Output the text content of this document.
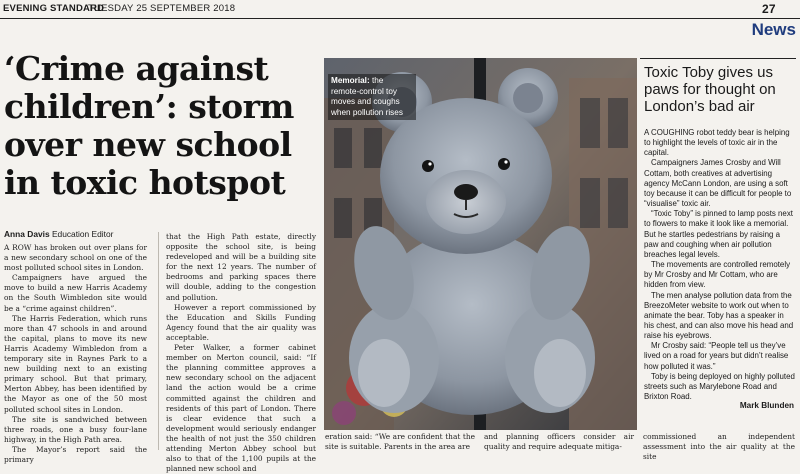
EVENING STANDARD
TUESDAY 25 SEPTEMBER 2018	27
News
‘Crime against children’: storm over new school in toxic hotspot
Anna Davis Education Editor

A ROW has broken out over plans for a new secondary school on one of the most polluted school sites in London.

Campaigners have argued the move to build a new Harris Academy on the South Wimbledon site would be a “crime against children”.

The Harris Federation, which runs more than 47 schools in and around the capital, plans to move its new Harris Academy Wimbledon from a temporary site in Raynes Park to a new building next to an existing primary school. But that primary, Merton Abbey, has been identified by the Mayor as one of the 50 most polluted school sites in London.

The site is sandwiched between three roads, one a busy four-lane highway, in the High Path area.

The Mayor’s report said the primary

that the High Path estate, directly opposite the school site, is being redeveloped and will be a building site for the next 12 years. The number of bedrooms and parking spaces there will double, adding to the congestion and pollution.

However a report commissioned by the Education and Skills Funding Agency found that the air quality was acceptable.

Peter Walker, a former cabinet member on Merton council, said: “If the planning committee approves a new secondary school on the adjacent land the action would be a crime committed against the children and residents of this part of London. There is clear evidence that such a development would seriously endanger the health of not just the 350 children attending Merton Abbey school but also to that of the 1,100 pupils at the planned new school and

eration said: “We are confident that the site is suitable. Parents in the area are
and planning officers consider air quality and require adequate mitiga-
commissioned an independent assessment into the air quality at the site
Memorial: the remote-control toy moves and coughs when pollution rises
Toxic Toby gives us paws for thought on London’s bad air

A COUGHING robot teddy bear is helping to highlight the levels of toxic air in the capital.

Campaigners James Crosby and Will Cottam, both creatives at advertising agency McCann London, are using a soft toy because it can be difficult for people to “visualise” toxic air.

“Toxic Toby” is pinned to lamp posts next to flowers to make it look like a memorial. But he startles pedestrians by raising a paw and coughing when air pollution breaches legal levels.

The movements are controlled remotely by Mr Crosby and Mr Cottam, who are hidden from view.

The men analyse pollution data from the BreezoMeter website to work out when to animate the bear. Toby has a speaker in his chest, and can also move his head and raise his eyebrows.

Mr Crosby said: “People tell us they’ve lived on a road for years but didn’t realise how polluted it was.”

Toby is being deployed on highly polluted streets such as Marylebone Road and Brixton Road.

Mark Blunden
